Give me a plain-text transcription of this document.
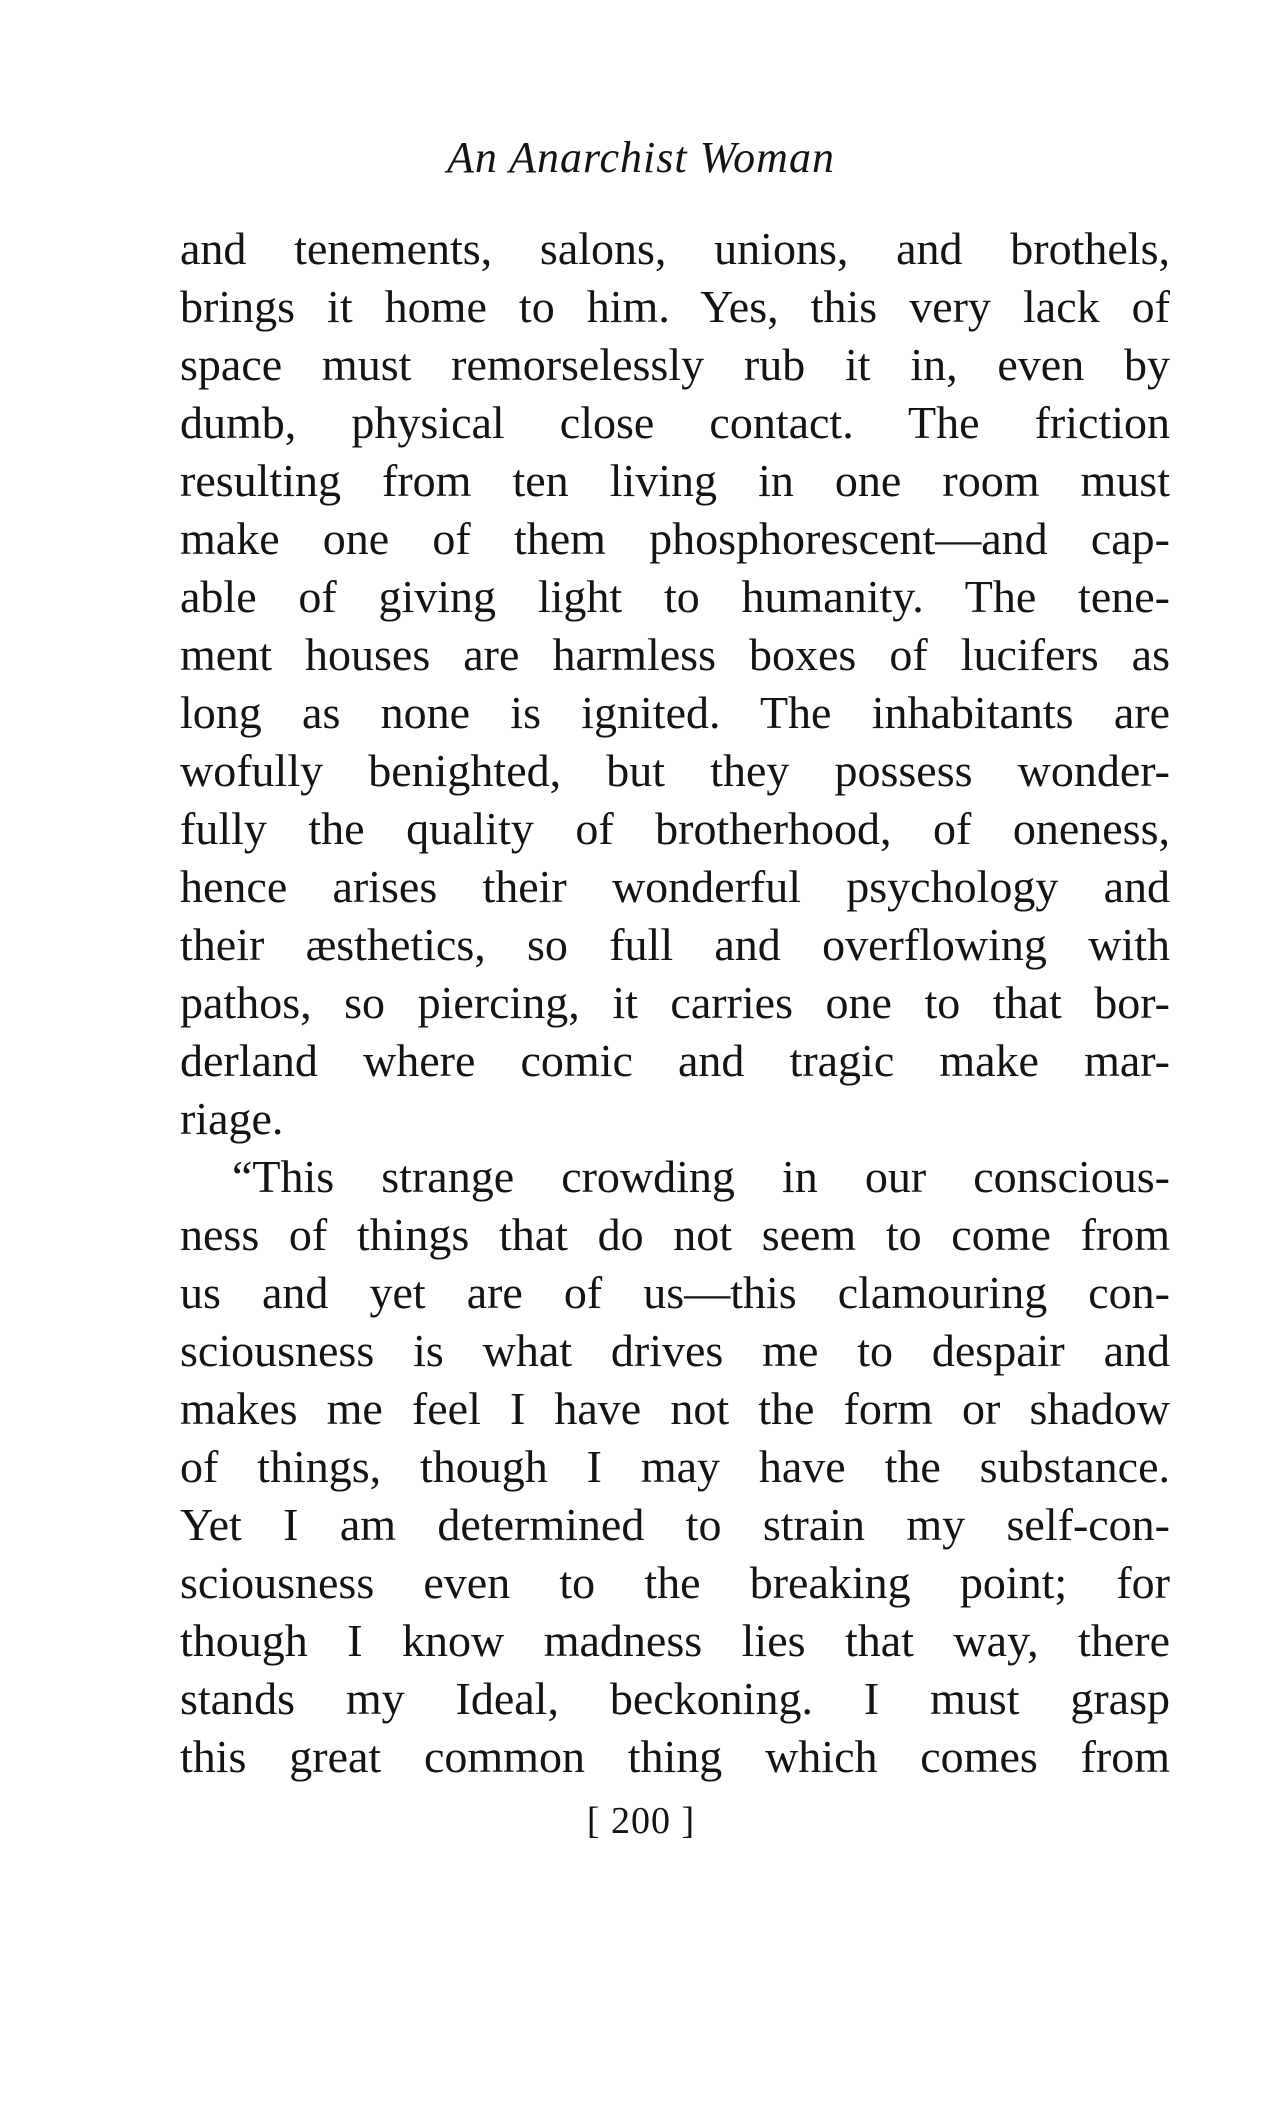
An Anarchist Woman
and tenements, salons, unions, and brothels,
brings it home to him. Yes, this very lack of
space must remorselessly rub it in, even by
dumb, physical close contact. The friction
resulting from ten living in one room must
make one of them phosphorescent—and cap-
able of giving light to humanity. The tene-
ment houses are harmless boxes of lucifers as
long as none is ignited. The inhabitants are
wofully benighted, but they possess wonder-
fully the quality of brotherhood, of oneness,
hence arises their wonderful psychology and
their æsthetics, so full and overflowing with
pathos, so piercing, it carries one to that bor-
derland where comic and tragic make mar-
riage.
“This strange crowding in our conscious-
ness of things that do not seem to come from
us and yet are of us—this clamouring con-
sciousness is what drives me to despair and
makes me feel I have not the form or shadow
of things, though I may have the substance.
Yet I am determined to strain my self-con-
sciousness even to the breaking point; for
though I know madness lies that way, there
stands my Ideal, beckoning. I must grasp
this great common thing which comes from
[ 200 ]
